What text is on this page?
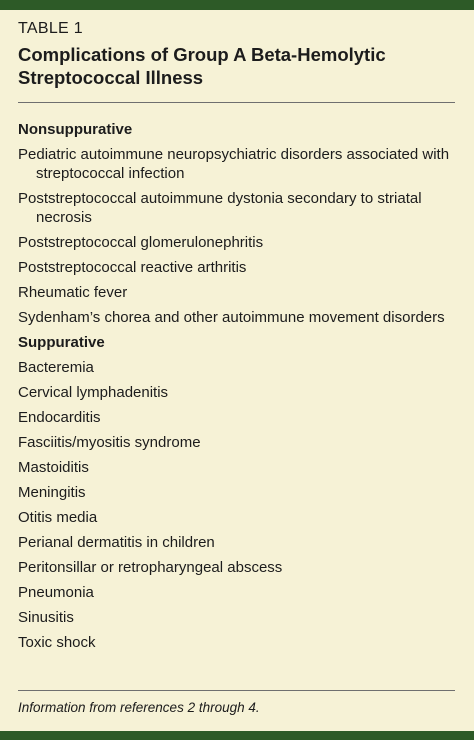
TABLE 1
Complications of Group A Beta-Hemolytic Streptococcal Illness
Nonsuppurative
Pediatric autoimmune neuropsychiatric disorders associated with streptococcal infection
Poststreptococcal autoimmune dystonia secondary to striatal necrosis
Poststreptococcal glomerulonephritis
Poststreptococcal reactive arthritis
Rheumatic fever
Sydenham’s chorea and other autoimmune movement disorders
Suppurative
Bacteremia
Cervical lymphadenitis
Endocarditis
Fasciitis/myositis syndrome
Mastoiditis
Meningitis
Otitis media
Perianal dermatitis in children
Peritonsillar or retropharyngeal abscess
Pneumonia
Sinusitis
Toxic shock
Information from references 2 through 4.
